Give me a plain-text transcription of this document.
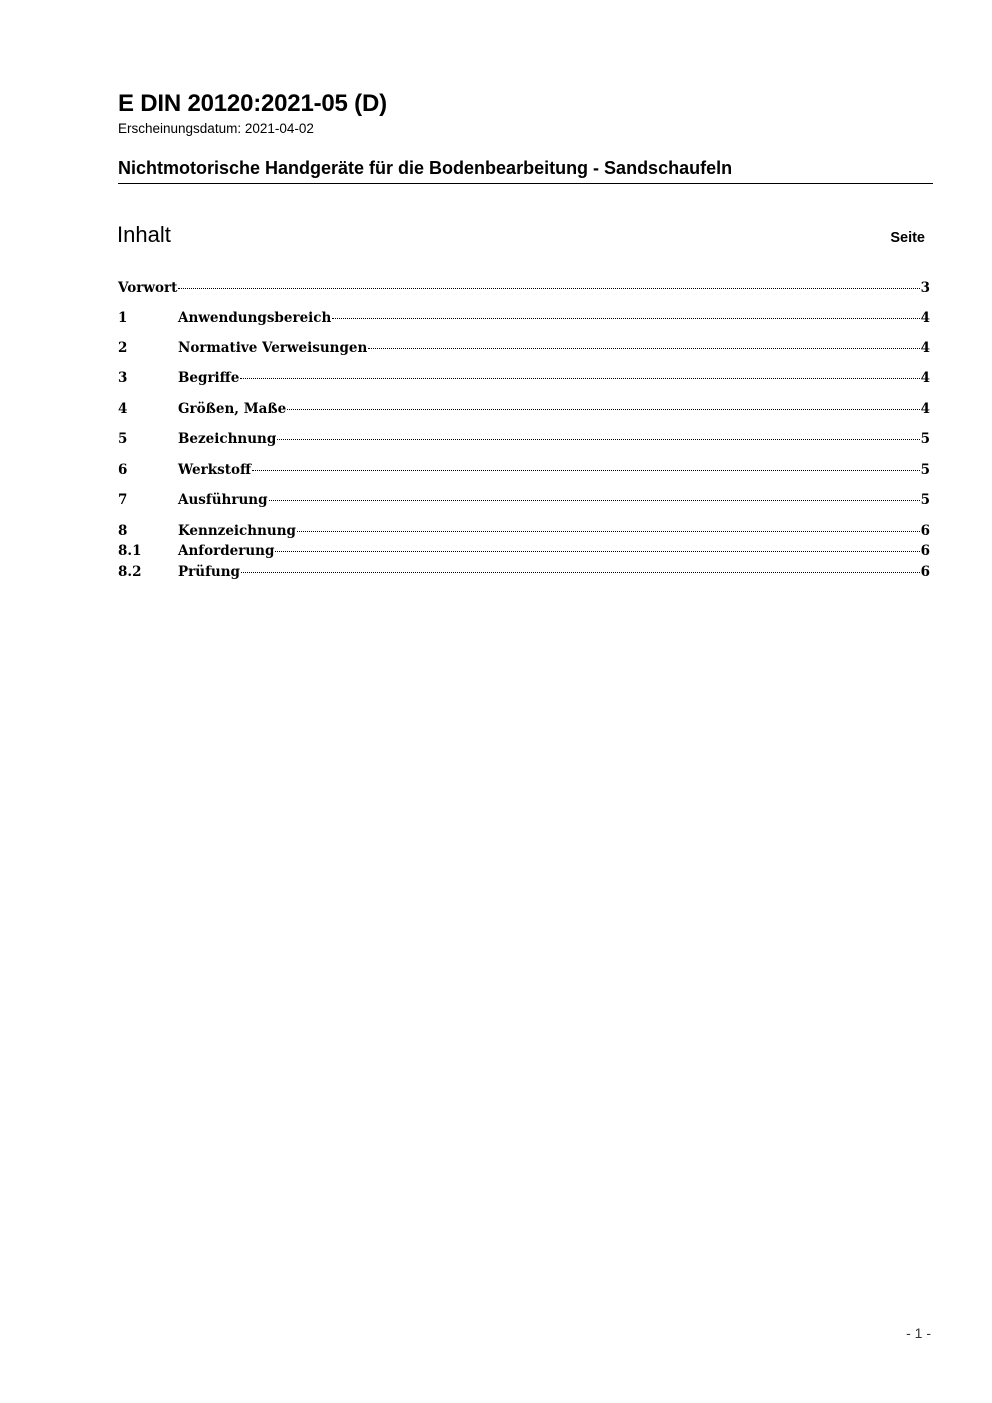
E DIN 20120:2021-05 (D)
Erscheinungsdatum: 2021-04-02
Nichtmotorische Handgeräte für die Bodenbearbeitung - Sandschaufeln
Inhalt	Seite
Vorwort	3
1	Anwendungsbereich	4
2	Normative Verweisungen	4
3	Begriffe	4
4	Größen, Maße	4
5	Bezeichnung	5
6	Werkstoff	5
7	Ausführung	5
8	Kennzeichnung	6
8.1	Anforderung	6
8.2	Prüfung	6
- 1 -
